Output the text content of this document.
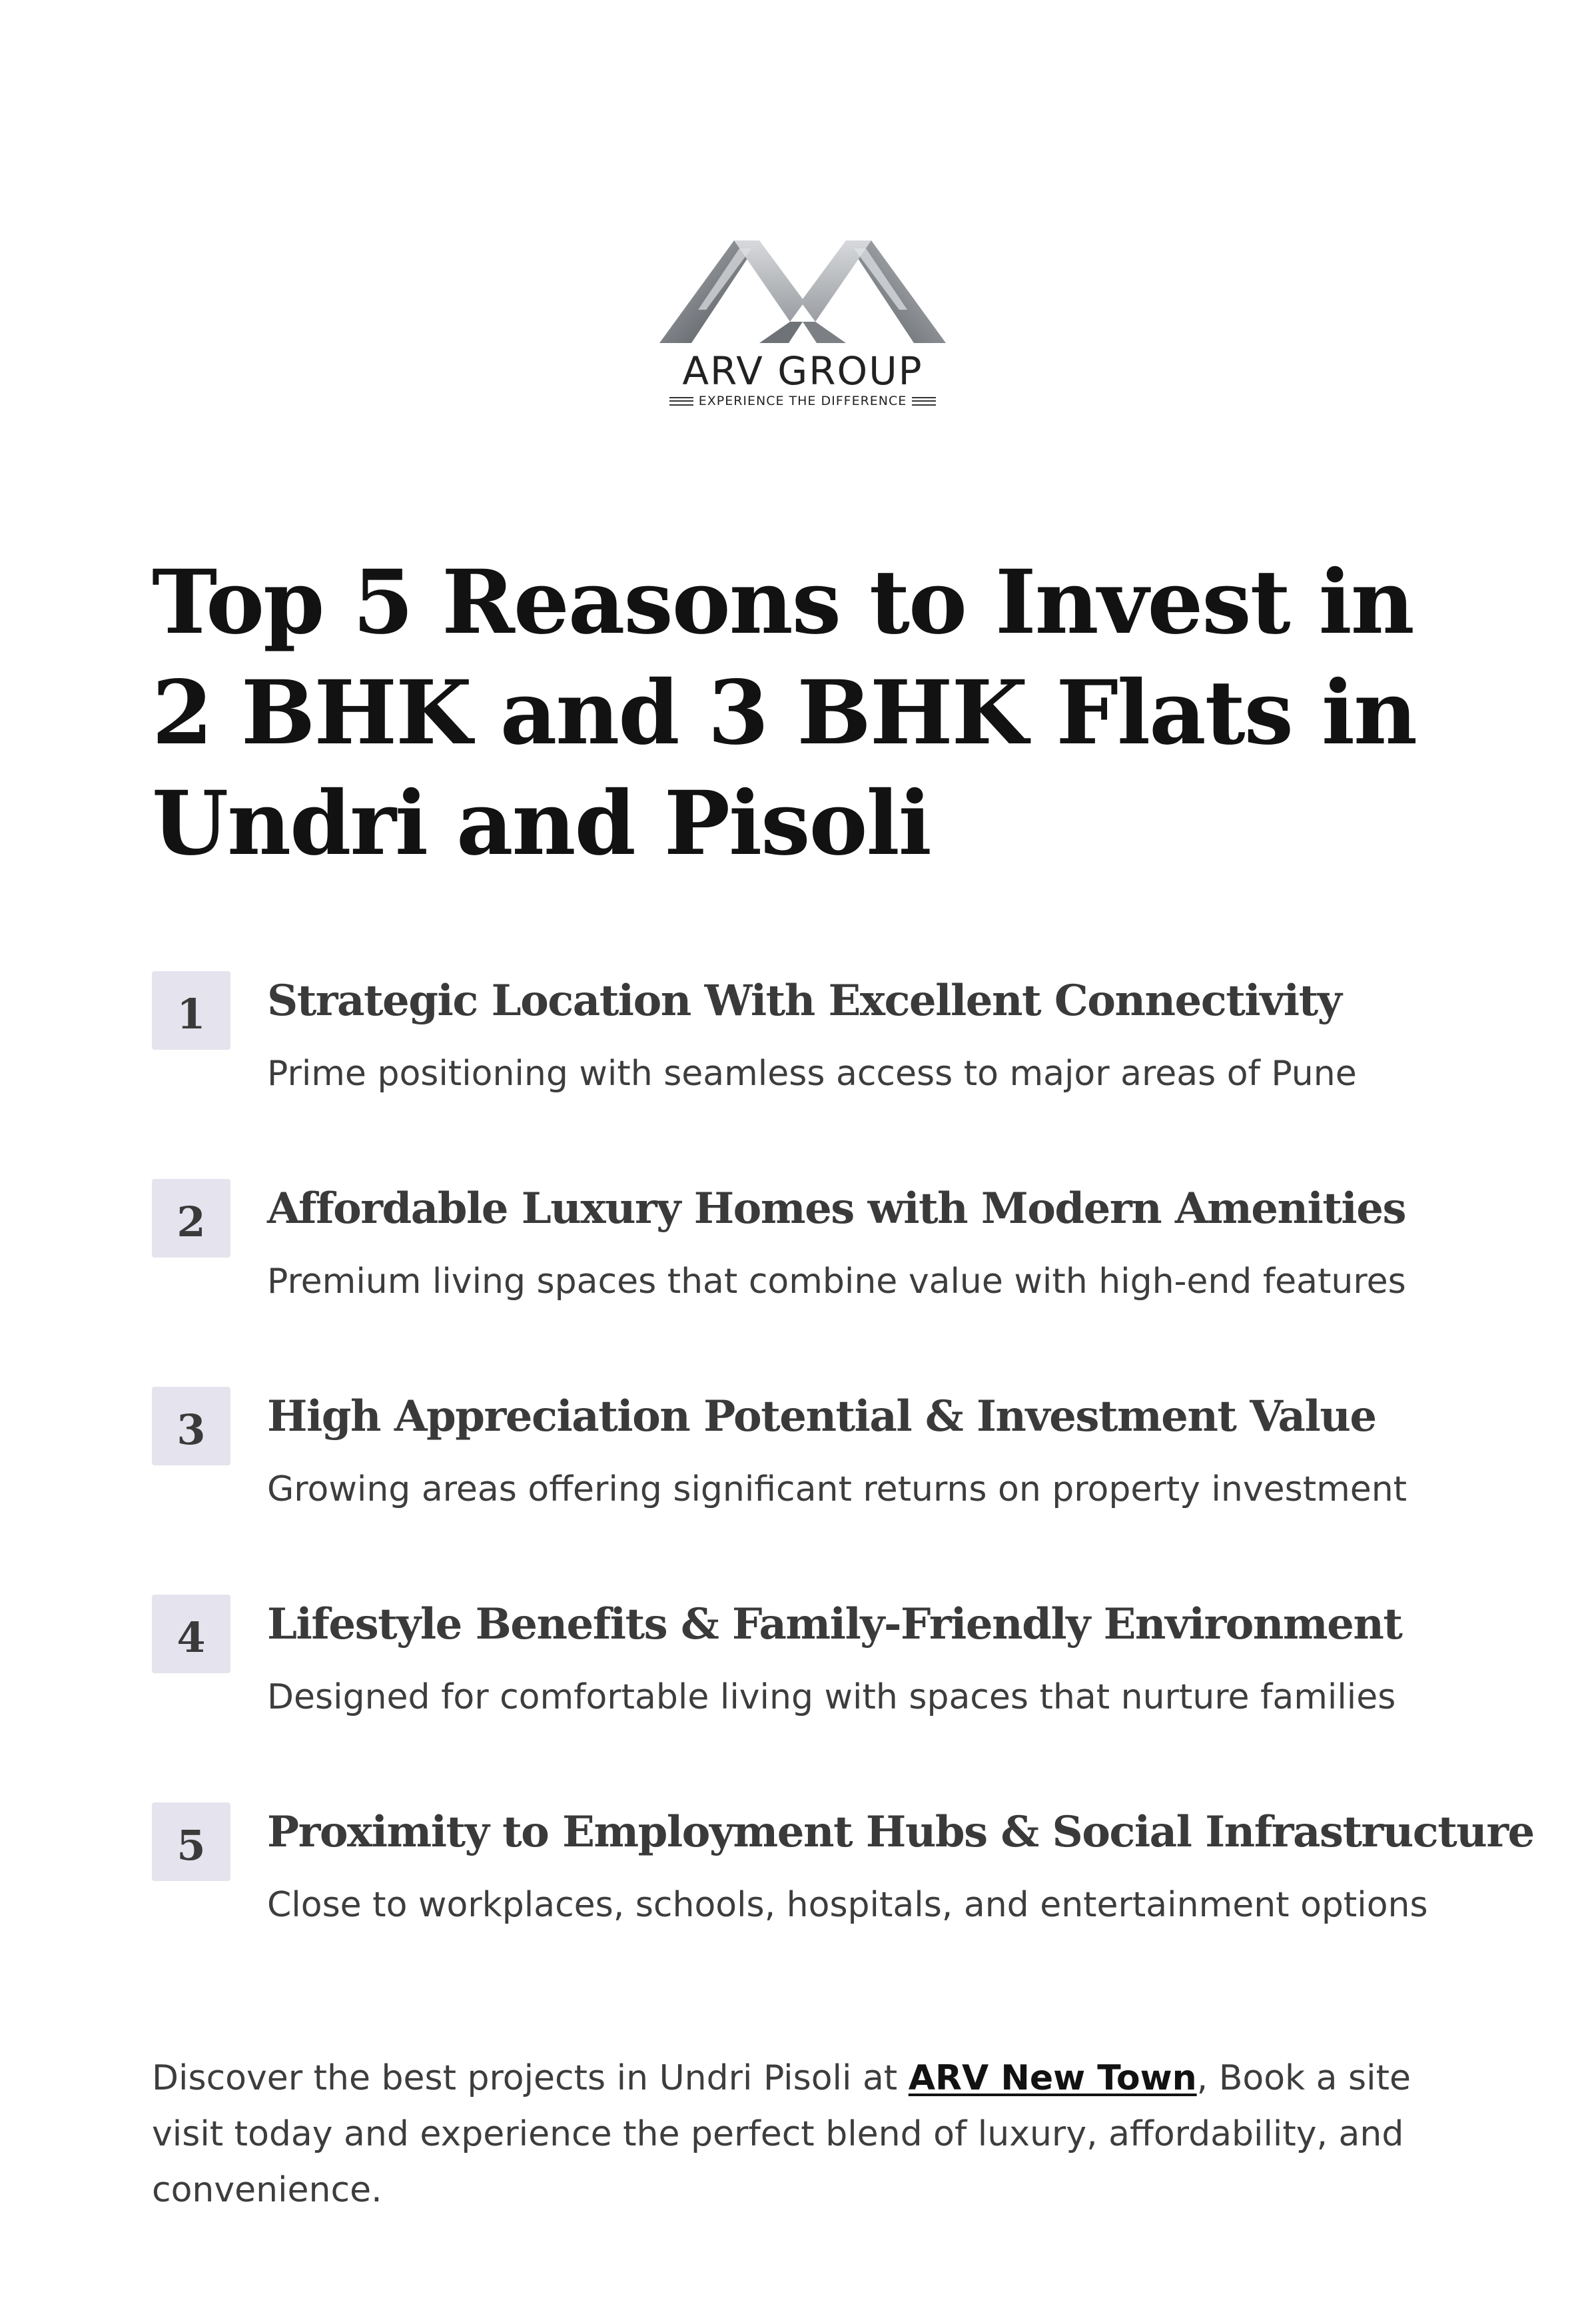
ARV GROUP
EXPERIENCE THE DIFFERENCE
Top 5 Reasons to Invest in 2 BHK and 3 BHK Flats in Undri and Pisoli
1	Strategic Location With Excellent Connectivity
Prime positioning with seamless access to major areas of Pune
2	Affordable Luxury Homes with Modern Amenities
Premium living spaces that combine value with high-end features
3	High Appreciation Potential & Investment Value
Growing areas offering significant returns on property investment
4	Lifestyle Benefits & Family-Friendly Environment
Designed for comfortable living with spaces that nurture families
5	Proximity to Employment Hubs & Social Infrastructure
Close to workplaces, schools, hospitals, and entertainment options

Discover the best projects in Undri Pisoli at ARV New Town, Book a site visit today and experience the perfect blend of luxury, affordability, and convenience.
